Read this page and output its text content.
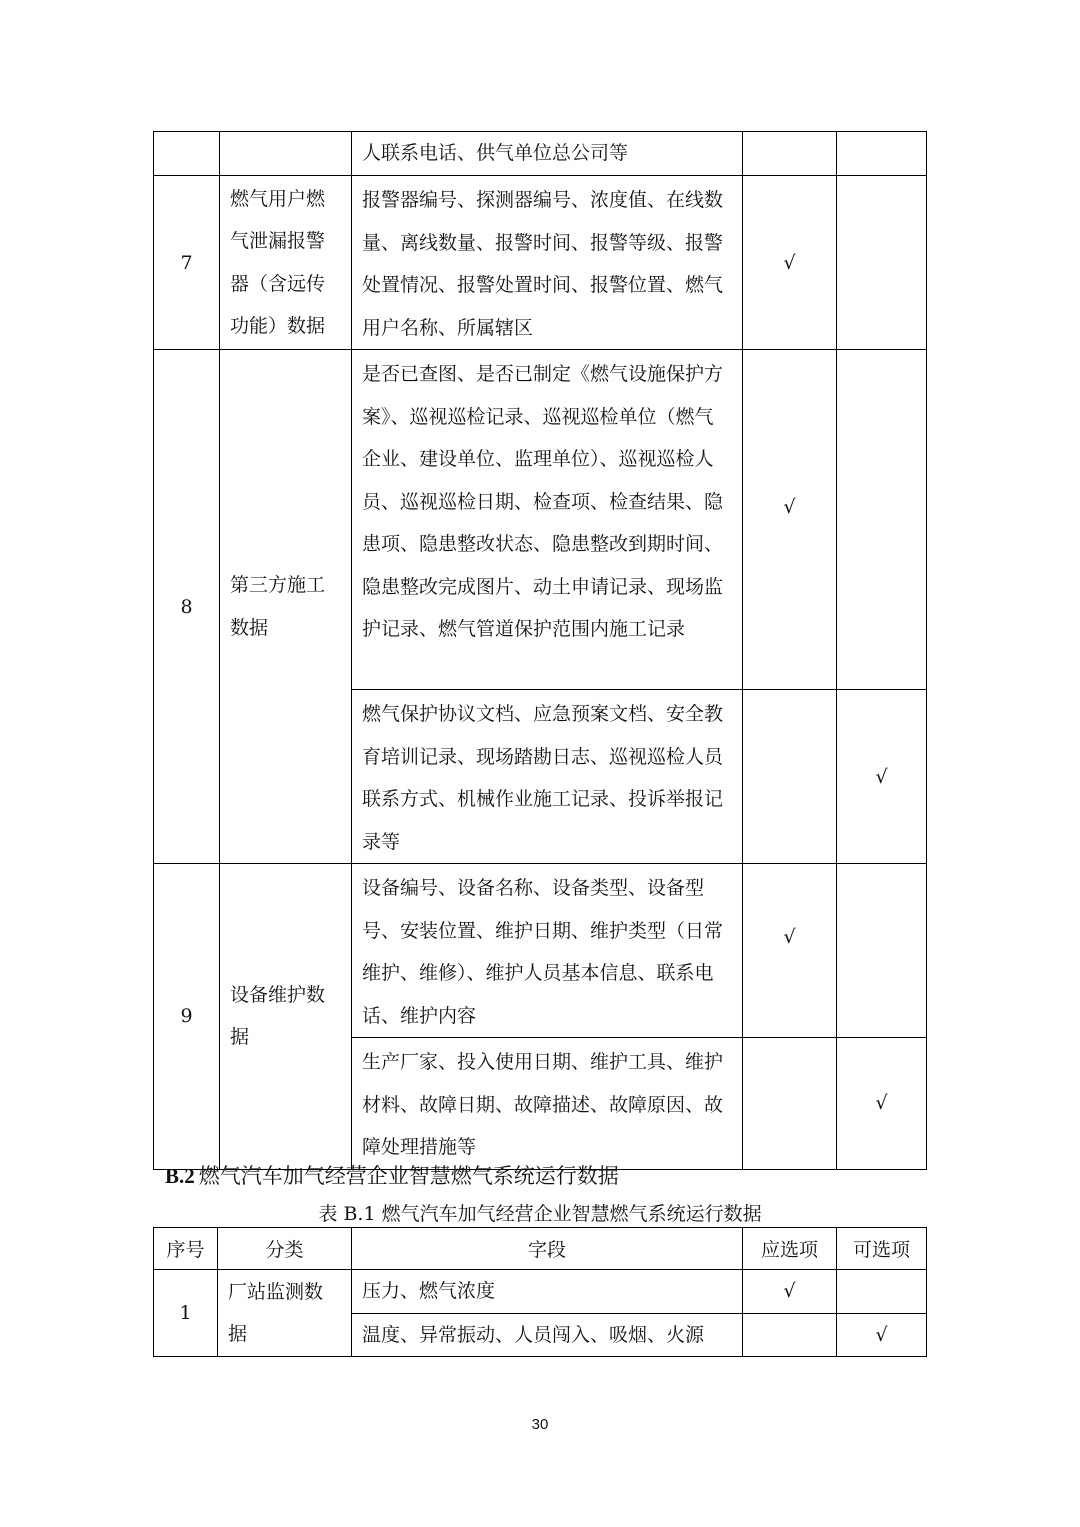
		人联系电话、供气单位总公司等		
7	燃气用户燃气泄漏报警器（含远传功能）数据	报警器编号、探测器编号、浓度值、在线数量、离线数量、报警时间、报警等级、报警处置情况、报警处置时间、报警位置、燃气用户名称、所属辖区	√	
8	第三方施工数据	是否已查图、是否已制定《燃气设施保护方案》、巡视巡检记录、巡视巡检单位（燃气企业、建设单位、监理单位）、巡视巡检人员、巡视巡检日期、检查项、检查结果、隐患项、隐患整改状态、隐患整改到期时间、隐患整改完成图片、动土申请记录、现场监护记录、燃气管道保护范围内施工记录	√	
		燃气保护协议文档、应急预案文档、安全教育培训记录、现场踏勘日志、巡视巡检人员联系方式、机械作业施工记录、投诉举报记录等		√
9	设备维护数据	设备编号、设备名称、设备类型、设备型号、安装位置、维护日期、维护类型（日常维护、维修）、维护人员基本信息、联系电话、维护内容	√	
		生产厂家、投入使用日期、维护工具、维护材料、故障日期、故障描述、故障原因、故障处理措施等		√
B.2 燃气汽车加气经营企业智慧燃气系统运行数据
表 B.1 燃气汽车加气经营企业智慧燃气系统运行数据
序号	分类	字段	应选项	可选项
1	厂站监测数据	压力、燃气浓度	√	
		温度、异常振动、人员闯入、吸烟、火源		√
30
